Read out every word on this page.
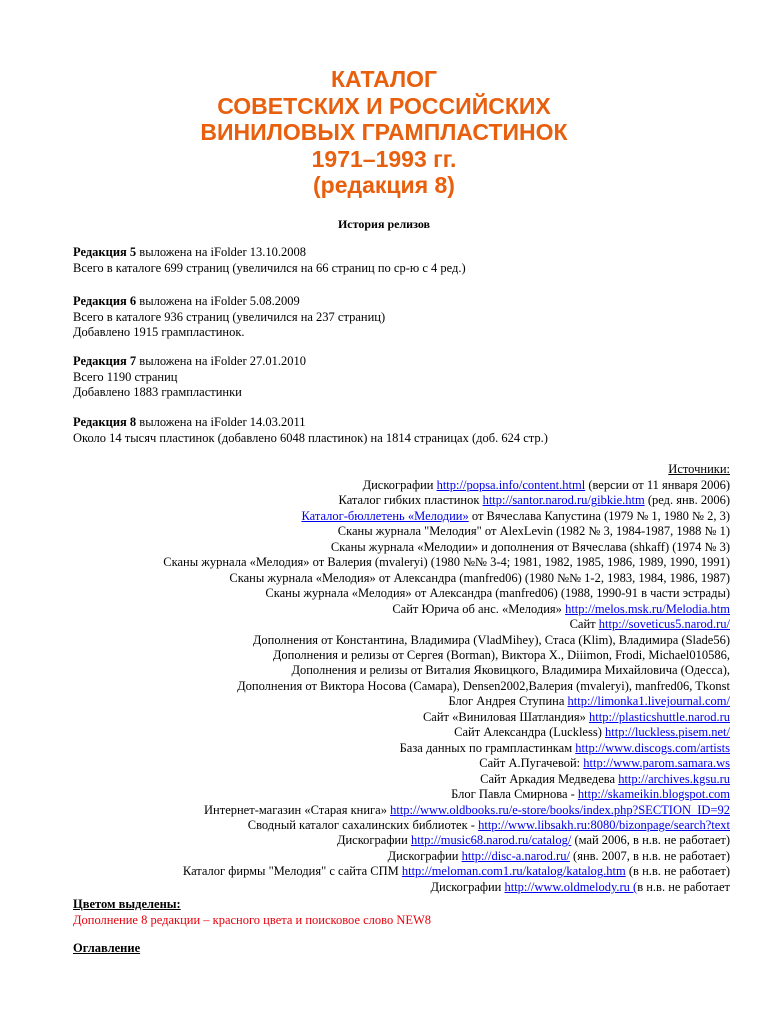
КАТАЛОГ
СОВЕТСКИХ И РОССИЙСКИХ
ВИНИЛОВЫХ ГРАМПЛАСТИНОК
1971–1993 гг.
(редакция 8)
История релизов
Редакция 5 выложена на iFolder 13.10.2008
Всего в каталоге 699 страниц (увеличился на 66 страниц по ср-ю с 4 ред.)
Редакция 6 выложена на iFolder 5.08.2009
Всего в каталоге 936 страниц (увеличился на 237 страниц)
Добавлено 1915 грампластинок.
Редакция 7 выложена на iFolder 27.01.2010
Всего 1190 страниц
Добавлено 1883 грампластинки
Редакция 8 выложена на iFolder 14.03.2011
Около 14 тысяч пластинок (добавлено 6048 пластинок) на 1814 страницах (доб. 624 стр.)
Источники:
Дискографии http://popsa.info/content.html (версии от 11 января 2006)
Каталог гибких пластинок http://santor.narod.ru/gibkie.htm (ред. янв. 2006)
Каталог-бюллетень «Мелодии» от Вячеслава Капустина (1979 № 1, 1980 № 2, 3)
Сканы журнала "Мелодия" от AlexLevin (1982 № 3, 1984-1987, 1988 № 1)
Сканы журнала «Мелодии» и дополнения от Вячеслава (shkaff) (1974 № 3)
Сканы журнала «Мелодия» от Валерия (mvaleryi) (1980 №№ 3-4; 1981, 1982, 1985, 1986, 1989, 1990, 1991)
Сканы журнала «Мелодия» от Александра (manfred06) (1980 №№ 1-2, 1983, 1984, 1986, 1987)
Сканы журнала «Мелодия» от Александра (manfred06) (1988, 1990-91 в части эстрады)
Сайт Юрича об анс. «Мелодия» http://melos.msk.ru/Melodia.htm
Сайт http://soveticus5.narod.ru/
Дополнения от Константина, Владимира (VladMihey), Стаса (Klim), Владимира (Slade56)
Дополнения и релизы от Сергея (Borman), Виктора Х., Diiimon, Frodi, Michael010586,
Дополнения и релизы от Виталия Яковицкого, Владимира Михайловича (Одесса),
Дополнения от Виктора Носова (Самара), Densen2002,Валерия (mvaleryi), manfred06, Tkonst
Блог Андрея Ступина http://limonka1.livejournal.com/
Сайт «Виниловая Шатландия» http://plasticshuttle.narod.ru
Сайт Александра (Luckless) http://luckless.pisem.net/
База данных по грампластинкам http://www.discogs.com/artists
Сайт А.Пугачевой: http://www.parom.samara.ws
Сайт Аркадия Медведева http://archives.kgsu.ru
Блог Павла Смирнова - http://skameikin.blogspot.com
Интернет-магазин «Старая книга» http://www.oldbooks.ru/e-store/books/index.php?SECTION_ID=92
Сводный каталог сахалинских библиотек - http://www.libsakh.ru:8080/bizonpage/search?text
Дискографии http://music68.narod.ru/catalog/ (май 2006, в н.в. не работает)
Дискографии http://disc-a.narod.ru/ (янв. 2007, в н.в. не работает)
Каталог фирмы "Мелодия" с сайта СПМ http://meloman.com1.ru/katalog/katalog.htm (в н.в. не работает)
Дискографии http://www.oldmelody.ru (в н.в. не работает
Цветом выделены:
Дополнение 8 редакции – красного цвета и поисковое слово NEW8
Оглавление
